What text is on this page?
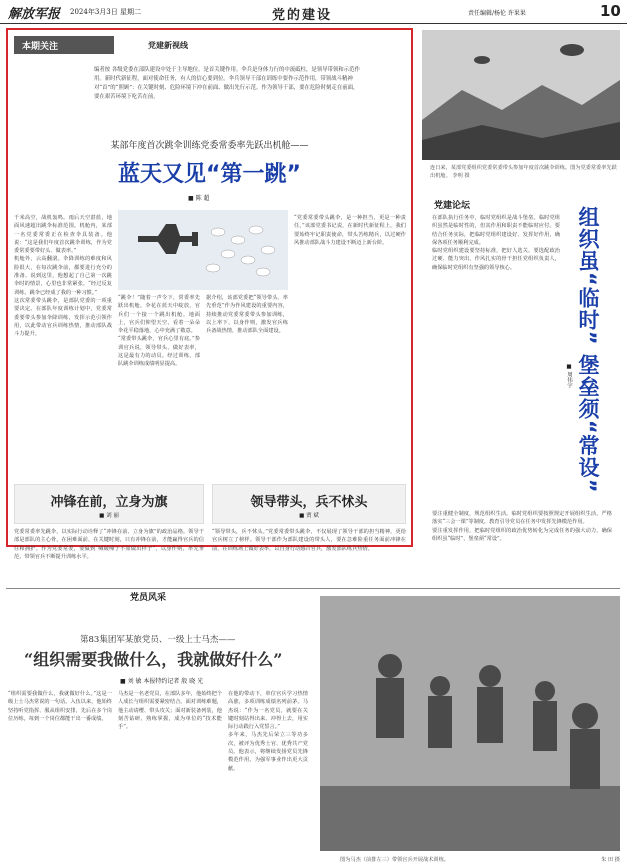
解放军报 2024年3月3日 星期二	党的建设	责任编辑/杨伦 许果果	10
本期关注	党建新视线
编者按 各级党委在部队建设中处于主导地位，是首关键作用。伞兵是身体力行的中流砥柱，是领导带领和示范作用。新时代新征程，面对使命任务，有人的信心要到位。伞兵领导干部在训练中要作示范作用，带领战斗精神对“首”的“照顾”：在关键时刻、危险环境下冲在前面、做出先行示范。作为领导干部，要在危险时刻走在前面，要在艰苦环境下吃苦在前。
某部年度首次跳伞训练党委常委率先跃出机舱——
蓝天又见“第一跳”
■ 陈 超

千米高空，战机轰鸣。雨后天空湛蓝，地面风速超出跳伞标准范围。机舱内，某部一名党委常委正在检查伞具装备。他说：“这是我们年度首次跳伞训练，作为党委常委要带好头、做表率。”

机舱外，云高翻滚。伞降训练的难度和风险很大，在每次跳伞前，都要进行充分的准备。说到这里，他想起了自己第一次跳伞时的情景，心里也非常紧张。“经过反复训练，跳伞已经成了我的一种习惯。”

这次常委带头跳伞，是部队党委的一项重要决定。在部队年度训练计划中，党委常委要带头参加伞降训练，发挥示范引领作用，以此带动官兵训练热情，推动部队战斗力提升。

“跳伞！”随着一声令下，常委率先跃出机舱。伞花在蓝天中绽放，官兵们一个接一个跳出机舱。地面上，官兵们仰望天空，看着一朵朵伞花平稳落地，心中充满了敬意。

“常委带头跳伞，官兵心里有底。”参训官兵说，领导带头、做好表率，这是最有力的动员。经过训练，部队跳伞训练成绩明显提高。

据介绍，该部党委把“领导带头、率先垂范”作为作风建设的重要内容，持续推动党委常委带头参加训练，以上率下、以身作则，激发官兵练兵备战热情，推动部队全面建设。

“党委常委带头跳伞，是一种担当，更是一种责任。”该部党委书记说，在新时代新征程上，我们要始终牢记职责使命，带头苦练精兵，以过硬作风推动部队战斗力建设不断迈上新台阶。

冲锋在前，立身为旗
■ 刘 丽
领导带头，兵不怵头
■ 贾 斌

党委常委率先跳伞，以实际行动诠释了“冲锋在前、立身为旗”的政治品格。领导干部是部队的主心骨，在困难面前、在关键时刻，只有冲锋在前，才能赢得官兵的信任和拥护。作为党委常委，要做到“喊破嗓子不如做出样子”，以身作则、率先垂范，带领官兵不断提升训练水平。

“领导带头，兵不怵头。”党委常委带头跳伞，不仅展现了领导干部的担当精神，更给官兵树立了榜样。领导干部作为部队建设的带头人，要在急难险重任务面前冲锋在前，在训练场上做好表率，以自身行动感召官兵，激发部队练兵热情。

连日来，某部党委组织党委常委带头参加年度首次跳伞训练。图为党委常委率先跃出机舱。 李明 摄
党建论坛

在部队执行任务中，临时党组织是战斗堡垒。临时党组织虽然是临时性的，但其作用和职责不能临时应付。要结合任务实际，把临时党组织建设好、发挥好作用，确保各项任务顺利完成。

临时党组织建设要坚持标准，把好人选关。要选配政治过硬、能力突出、作风扎实的骨干担任党组织负责人，确保临时党组织有坚强的领导核心。	组织虽“临时” 堡垒须“常设”
■ 周伟宇

要注重健全制度，规范组织生活。临时党组织要按照规定开展组织生活，严格落实“三会一课”等制度，教育引导党员在任务中发挥先锋模范作用。

要注重发挥作用，把临时党组织的政治优势转化为完成任务的强大动力，确保组织虽“临时”、堡垒须“常设”。

党员风采
第83集团军某旅党员、一级上士马杰——
“组织需要我做什么，我就做好什么”
■ 刘 敏 本报特约记者 殷 晓 光

“组织需要我做什么，我就做好什么。”这是一级上士马杰常说的一句话。入伍以来，他始终坚持听党指挥、服从组织安排，先后在多个岗位历练，每到一个岗位都能干出一番成绩。

马杰是一名老党员，在部队多年，他始终把个人成长与组织需要紧密结合。面对训练难题，他主动请缨、带头攻关；面对新装备列装，他刻苦钻研、熟练掌握，成为单位的“技术能手”。

在他的带动下，单位官兵学习热情高涨，多项训练成绩名列前茅。马杰说：“作为一名党员，就要在关键时刻站得出来、冲得上去，用实际行动践行入党誓言。”

多年来，马杰先后荣立三等功多次，被评为优秀士官、优秀共产党员。他表示，将继续发扬党员先锋模范作用，为强军事业作出更大贡献。

图为马杰（前排左三）带领官兵开展战术训练。	朱 田 摄
